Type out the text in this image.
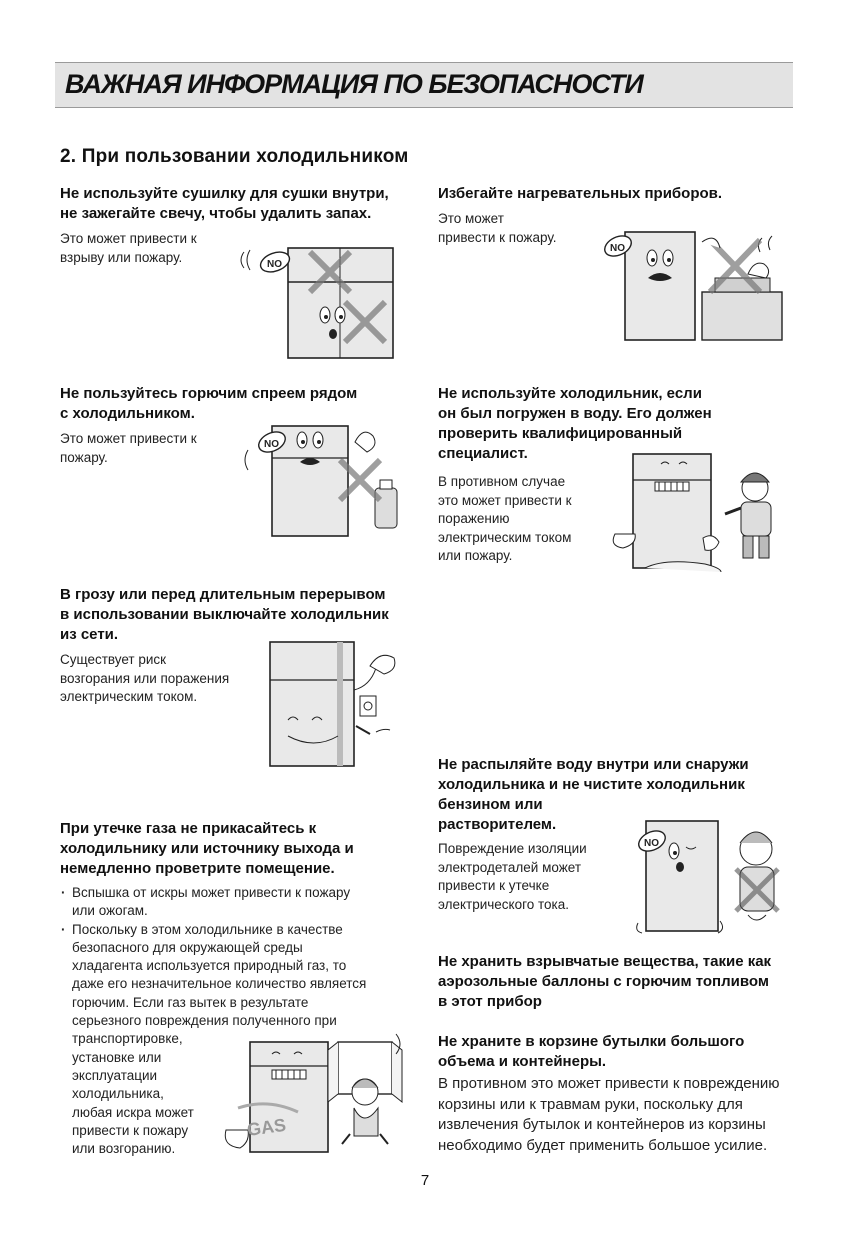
ВАЖНАЯ ИНФОРМАЦИЯ ПО БЕЗОПАСНОСТИ
2. При пользовании холодильником

Не используйте сушилку для сушки внутри,
не зажегайте свечу, чтобы удалить запах.

Это может привести к
взрыву или пожару.	NO

Избегайте нагревательных приборов.

Это может
привести к пожару.

NO

Не пользуйтесь горючим спреем рядом
с холодильником.

Это может привести к
пожару.

NO

Не используйте холодильник, если
он был погружен в воду. Его должен
проверить квалифицированный
специалист.

В противном случае
это может привести к
поражению
электрическим током
или пожару.

В грозу или перед длительным перерывом
в использовании выключайте холодильник
из сети.

Существует риск
возгорания или поражения
электрическим током.

Не распыляйте воду внутри или снаружи
холодильника и не чистите холодильник
бензином или
растворителем.

Повреждение изоляции
электродеталей может
привести к утечке
электрического тока.

NO

При утечке газа не прикасайтесь к
холодильнику или источнику выхода и
немедленно проветрите помещение.

· Вспышка от искры может привести к пожару
или ожогам.
· Поскольку в этом холодильнике в качестве
безопасного для окружающей среды
хладагента используется природный газ, то
даже его незначительное количество является
горючим. Если газ вытек в результате
серьезного повреждения полученного при
транспортировке,
установке или
эксплуатации
холодильника,
любая искра может
привести к пожару
или возгоранию.
GAS

Не хранить взрывчатые вещества, такие как
аэрозольные баллоны с горючим топливом
в этот прибор

Не храните в корзине бутылки большого
объема и контейнеры.

В противном это может привести к повреждению
корзины или к травмам руки, поскольку для
извлечения бутылок и контейнеров из корзины
необходимо будет применить большое усилие.

7
